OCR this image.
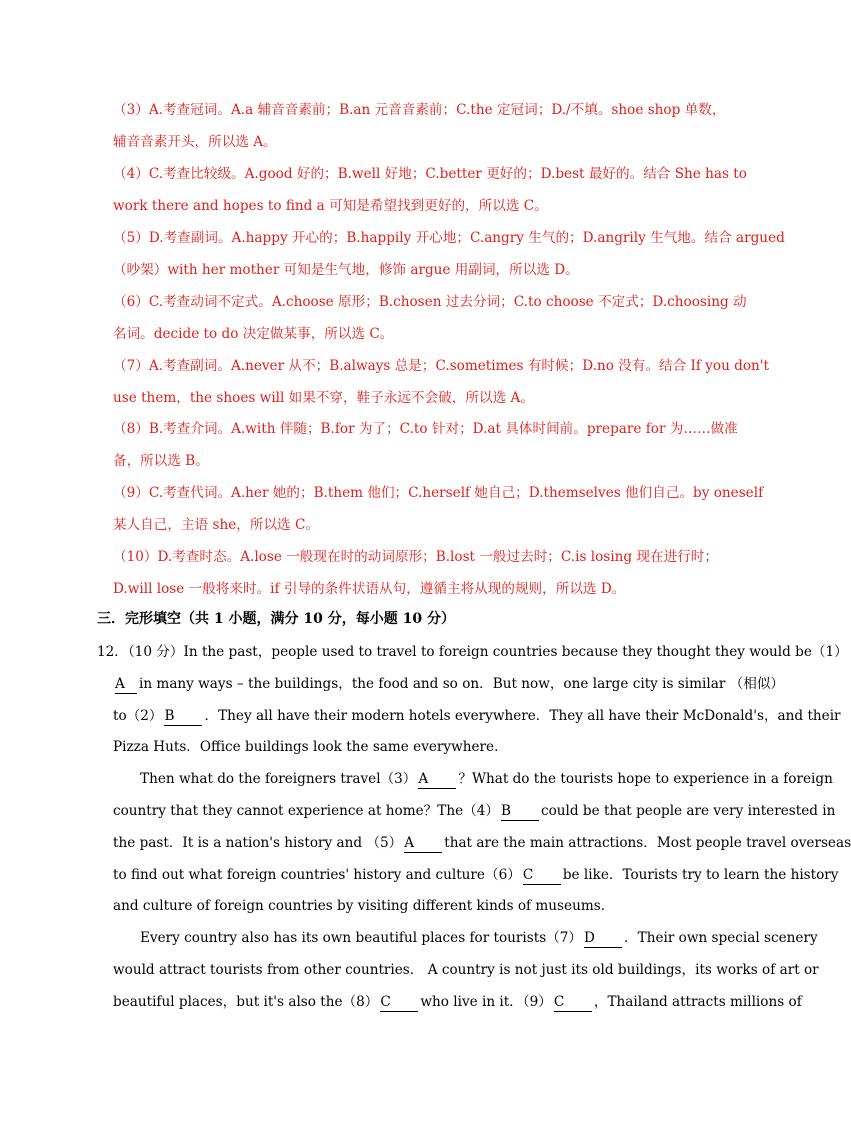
（3）A.考查冠词。A.a 辅音音素前；B.an 元音音素前；C.the 定冠词；D./不填。shoe shop 单数，
辅音音素开头，所以选 A。
（4）C.考查比较级。A.good 好的；B.well 好地；C.better 更好的；D.best 最好的。结合 She has to
work there and hopes to find a 可知是希望找到更好的，所以选 C。
（5）D.考查副词。A.happy 开心的；B.happily 开心地；C.angry 生气的；D.angrily 生气地。结合 argued
（吵架）with her mother 可知是生气地，修饰 argue 用副词，所以选 D。
（6）C.考查动词不定式。A.choose 原形；B.chosen 过去分词；C.to choose 不定式；D.choosing 动
名词。decide to do 决定做某事，所以选 C。
（7）A.考查副词。A.never 从不；B.always 总是；C.sometimes 有时候；D.no 没有。结合 If you don't
use them，the shoes will 如果不穿，鞋子永远不会破，所以选 A。
（8）B.考查介词。A.with 伴随；B.for 为了；C.to 针对；D.at 具体时间前。prepare for 为……做准
备，所以选 B。
（9）C.考查代词。A.her 她的；B.them 他们；C.herself 她自己；D.themselves 他们自己。by oneself
某人自己，主语 she，所以选 C。
（10）D.考查时态。A.lose 一般现在时的动词原形；B.lost 一般过去时；C.is losing 现在进行时；
D.will lose 一般将来时。if 引导的条件状语从句，遵循主将从现的规则，所以选 D。
三．完形填空（共 1 小题，满分 10 分，每小题 10 分）
12．（10 分）In the past，people used to travel to foreign countries because they thought they would be（1）
A in many ways – the buildings，the food and so on．But now，one large city is similar （相似）
to（2） B ．They all have their modern hotels everywhere．They all have their McDonald's，and their
Pizza Huts．Office buildings look the same everywhere．
Then what do the foreigners travel（3） A ？What do the tourists hope to experience in a foreign
country that they cannot experience at home？The（4） B could be that people are very interested in
the past．It is a nation's history and （5） A that are the main attractions．Most people travel overseas
to find out what foreign countries' history and culture（6） C be like．Tourists try to learn the history
and culture of foreign countries by visiting different kinds of museums．
Every country also has its own beautiful places for tourists（7） D ．Their own special scenery
would attract tourists from other countries． A country is not just its old buildings，its works of art or
beautiful places，but it's also the（8） C who live in it．（9） C ，Thailand attracts millions of
